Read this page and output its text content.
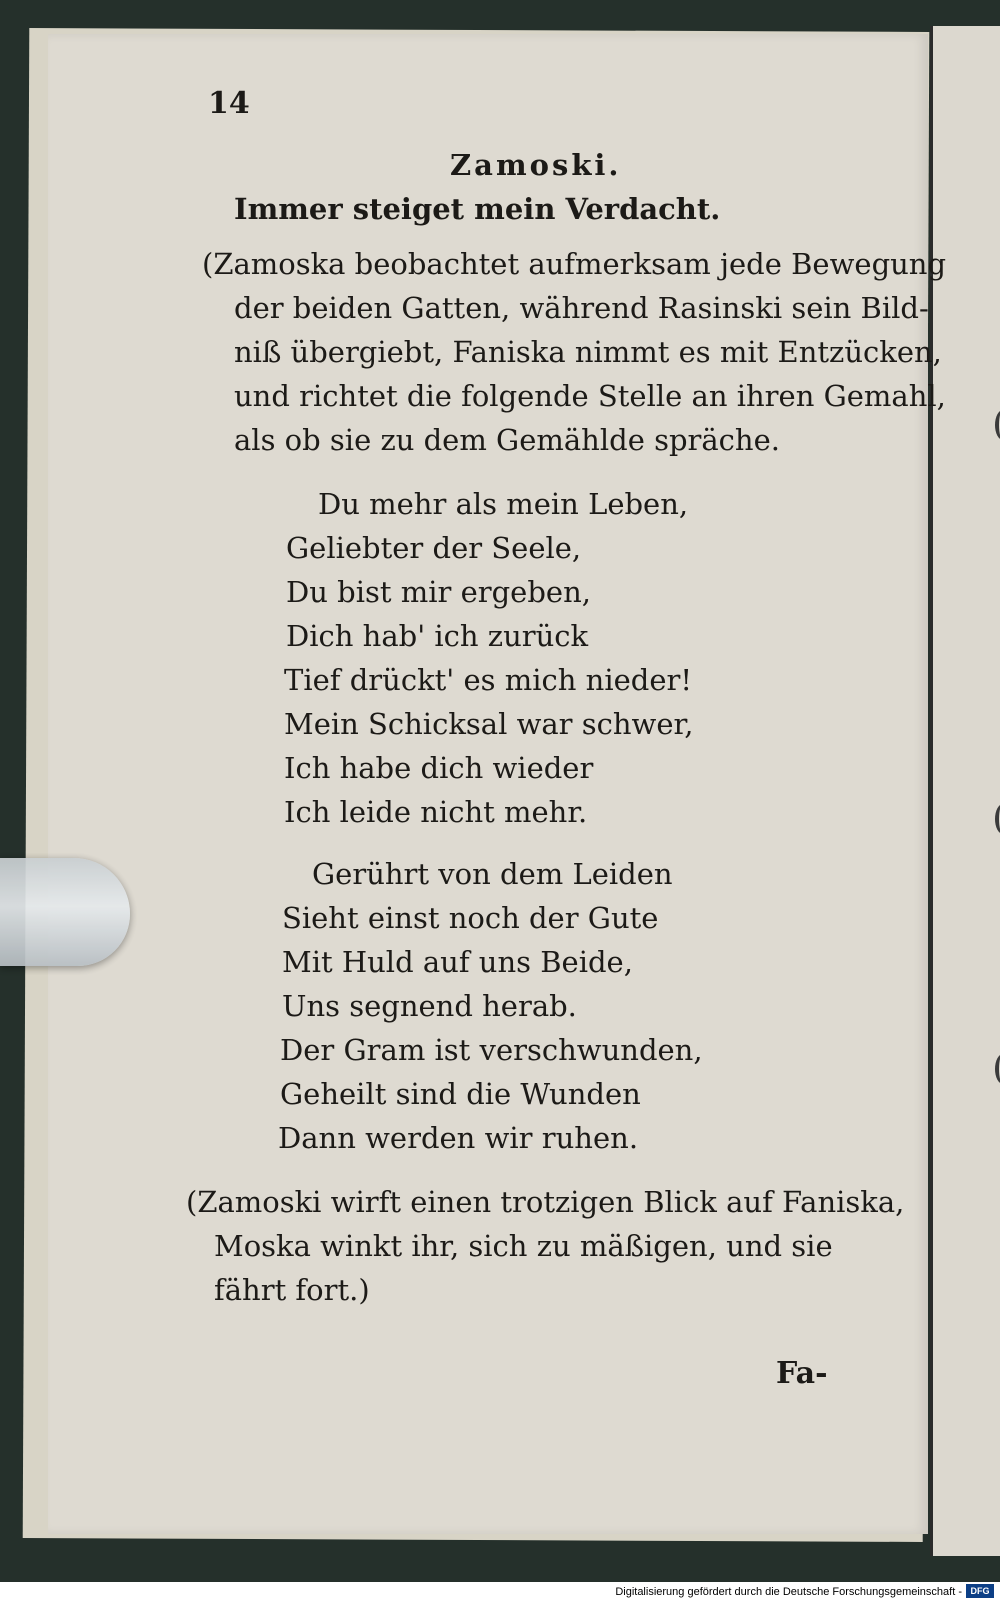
14
Zamoski.
Immer steiget mein Verdacht.
(Zamoska beobachtet aufmerksam jede Bewegung
der beiden Gatten, während Rasinski sein Bild-
niß übergiebt, Faniska nimmt es mit Entzücken,
und richtet die folgende Stelle an ihren Gemahl,
als ob sie zu dem Gemählde spräche.
Du mehr als mein Leben,
Geliebter der Seele,
Du bist mir ergeben,
Dich hab' ich zurück
Tief drückt' es mich nieder!
Mein Schicksal war schwer,
Ich habe dich wieder
Ich leide nicht mehr.
Gerührt von dem Leiden
Sieht einst noch der Gute
Mit Huld auf uns Beide,
Uns segnend herab.
Der Gram ist verschwunden,
Geheilt sind die Wunden
Dann werden wir ruhen.
(Zamoski wirft einen trotzigen Blick auf Faniska,
Moska winkt ihr, sich zu mäßigen, und sie
fährt fort.)
Fa-
Digitalisierung gefördert durch die Deutsche Forschungsgemeinschaft - DFG
